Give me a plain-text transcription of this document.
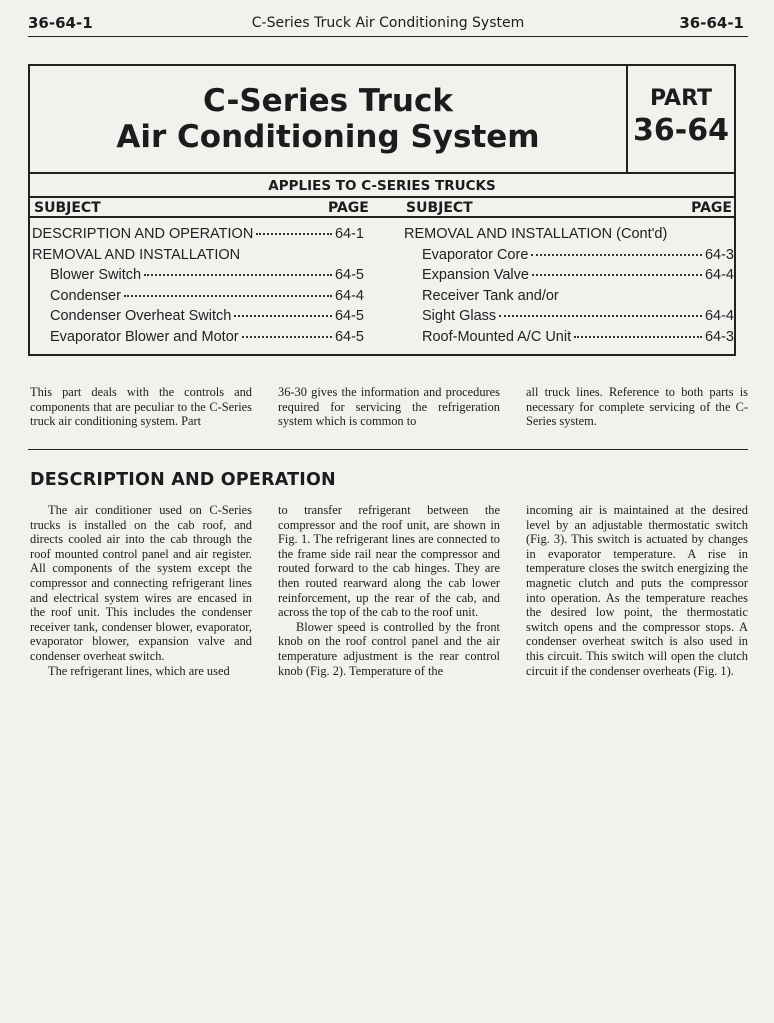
36-64-1	C-Series Truck Air Conditioning System	36-64-1
C-Series Truck
Air Conditioning System
PART
36-64
APPLIES TO C-SERIES TRUCKS
SUBJECT	PAGE	SUBJECT	PAGE
DESCRIPTION AND OPERATION	64-1
REMOVAL AND INSTALLATION
Blower Switch	64-5
Condenser	64-4
Condenser Overheat Switch	64-5
Evaporator Blower and Motor	64-5
REMOVAL AND INSTALLATION (Cont'd)
Evaporator Core	64-3
Expansion Valve	64-4
Receiver Tank and/or
Sight Glass	64-4
Roof-Mounted A/C Unit	64-3

This part deals with the controls and components that are peculiar to the C-Series truck air conditioning system. Part

36-30 gives the information and procedures required for servicing the refrigeration system which is common to

all truck lines. Reference to both parts is necessary for complete servicing of the C-Series system.

DESCRIPTION AND OPERATION

The air conditioner used on C-Series trucks is installed on the cab roof, and directs cooled air into the cab through the roof mounted control panel and air register. All components of the system except the compressor and connecting refrigerant lines and electrical system wires are encased in the roof unit. This includes the condenser receiver tank, condenser blower, evaporator, evaporator blower, expansion valve and condenser overheat switch.

The refrigerant lines, which are used

to transfer refrigerant between the compressor and the roof unit, are shown in Fig. 1. The refrigerant lines are connected to the frame side rail near the compressor and routed forward to the cab hinges. They are then routed rearward along the cab lower reinforcement, up the rear of the cab, and across the top of the cab to the roof unit.

Blower speed is controlled by the front knob on the roof control panel and the air temperature adjustment is the rear control knob (Fig. 2). Temperature of the

incoming air is maintained at the desired level by an adjustable thermostatic switch (Fig. 3). This switch is actuated by changes in evaporator temperature. A rise in temperature closes the switch energizing the magnetic clutch and puts the compressor into operation. As the temperature reaches the desired low point, the thermostatic switch opens and the compressor stops. A condenser overheat switch is also used in this circuit. This switch will open the clutch circuit if the condenser overheats (Fig. 1).
